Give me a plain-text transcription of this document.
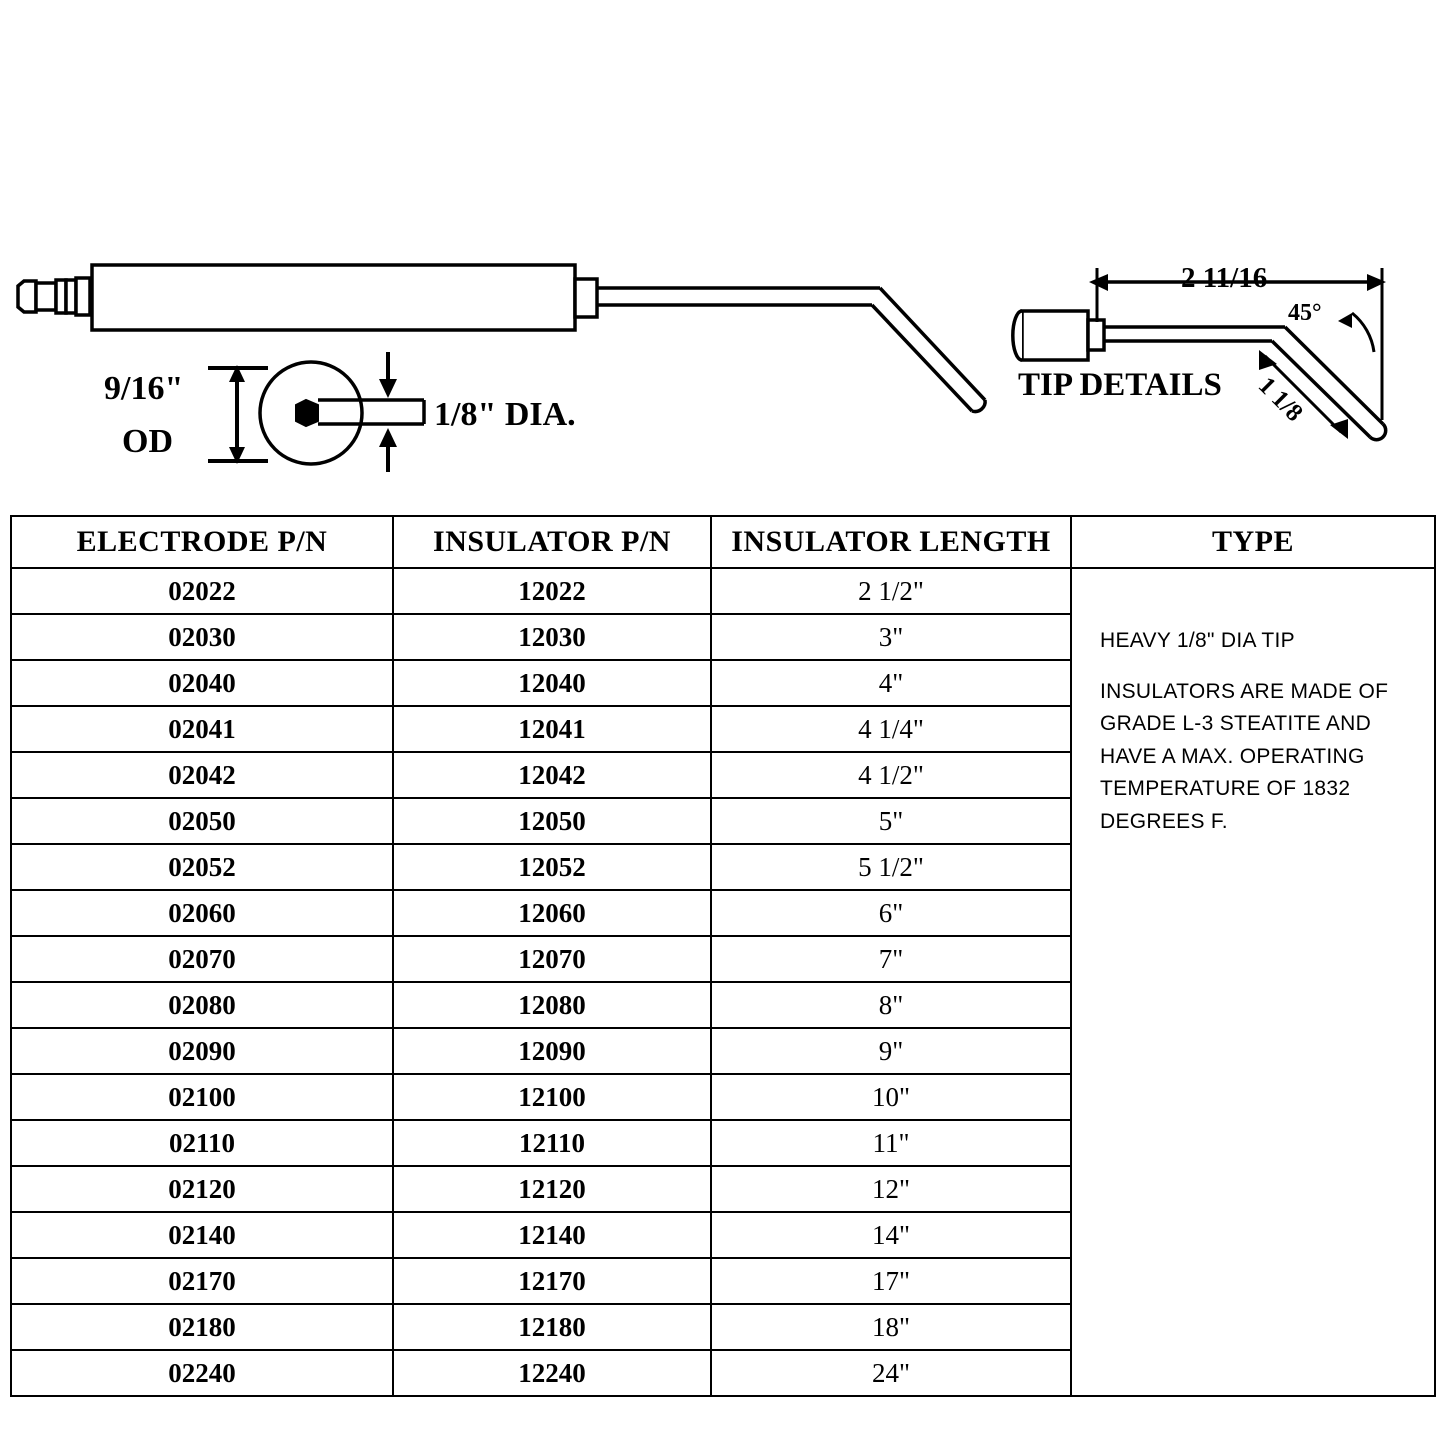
9/16"
OD
1/8" DIA.
2 11/16
45°
TIP DETAILS 1 1/8
ELECTRODE P/N	INSULATOR P/N	INSULATOR LENGTH	TYPE
02022	12022	2 1/2"	HEAVY 1/8" DIA TIP
INSULATORS ARE MADE OF GRADE L-3 STEATITE AND HAVE A MAX. OPERATING TEMPERATURE OF 1832 DEGREES F.

02030	12030	3"	
02040	12040	4"	
02041	12041	4 1/4"	
02042	12042	4 1/2"	
02050	12050	5"	
02052	12052	5 1/2"	
02060	12060	6"	
02070	12070	7"	
02080	12080	8"	
02090	12090	9"	
02100	12100	10"	
02110	12110	11"	
02120	12120	12"	
02140	12140	14"	
02170	12170	17"	
02180	12180	18"	
02240	12240	24"	
